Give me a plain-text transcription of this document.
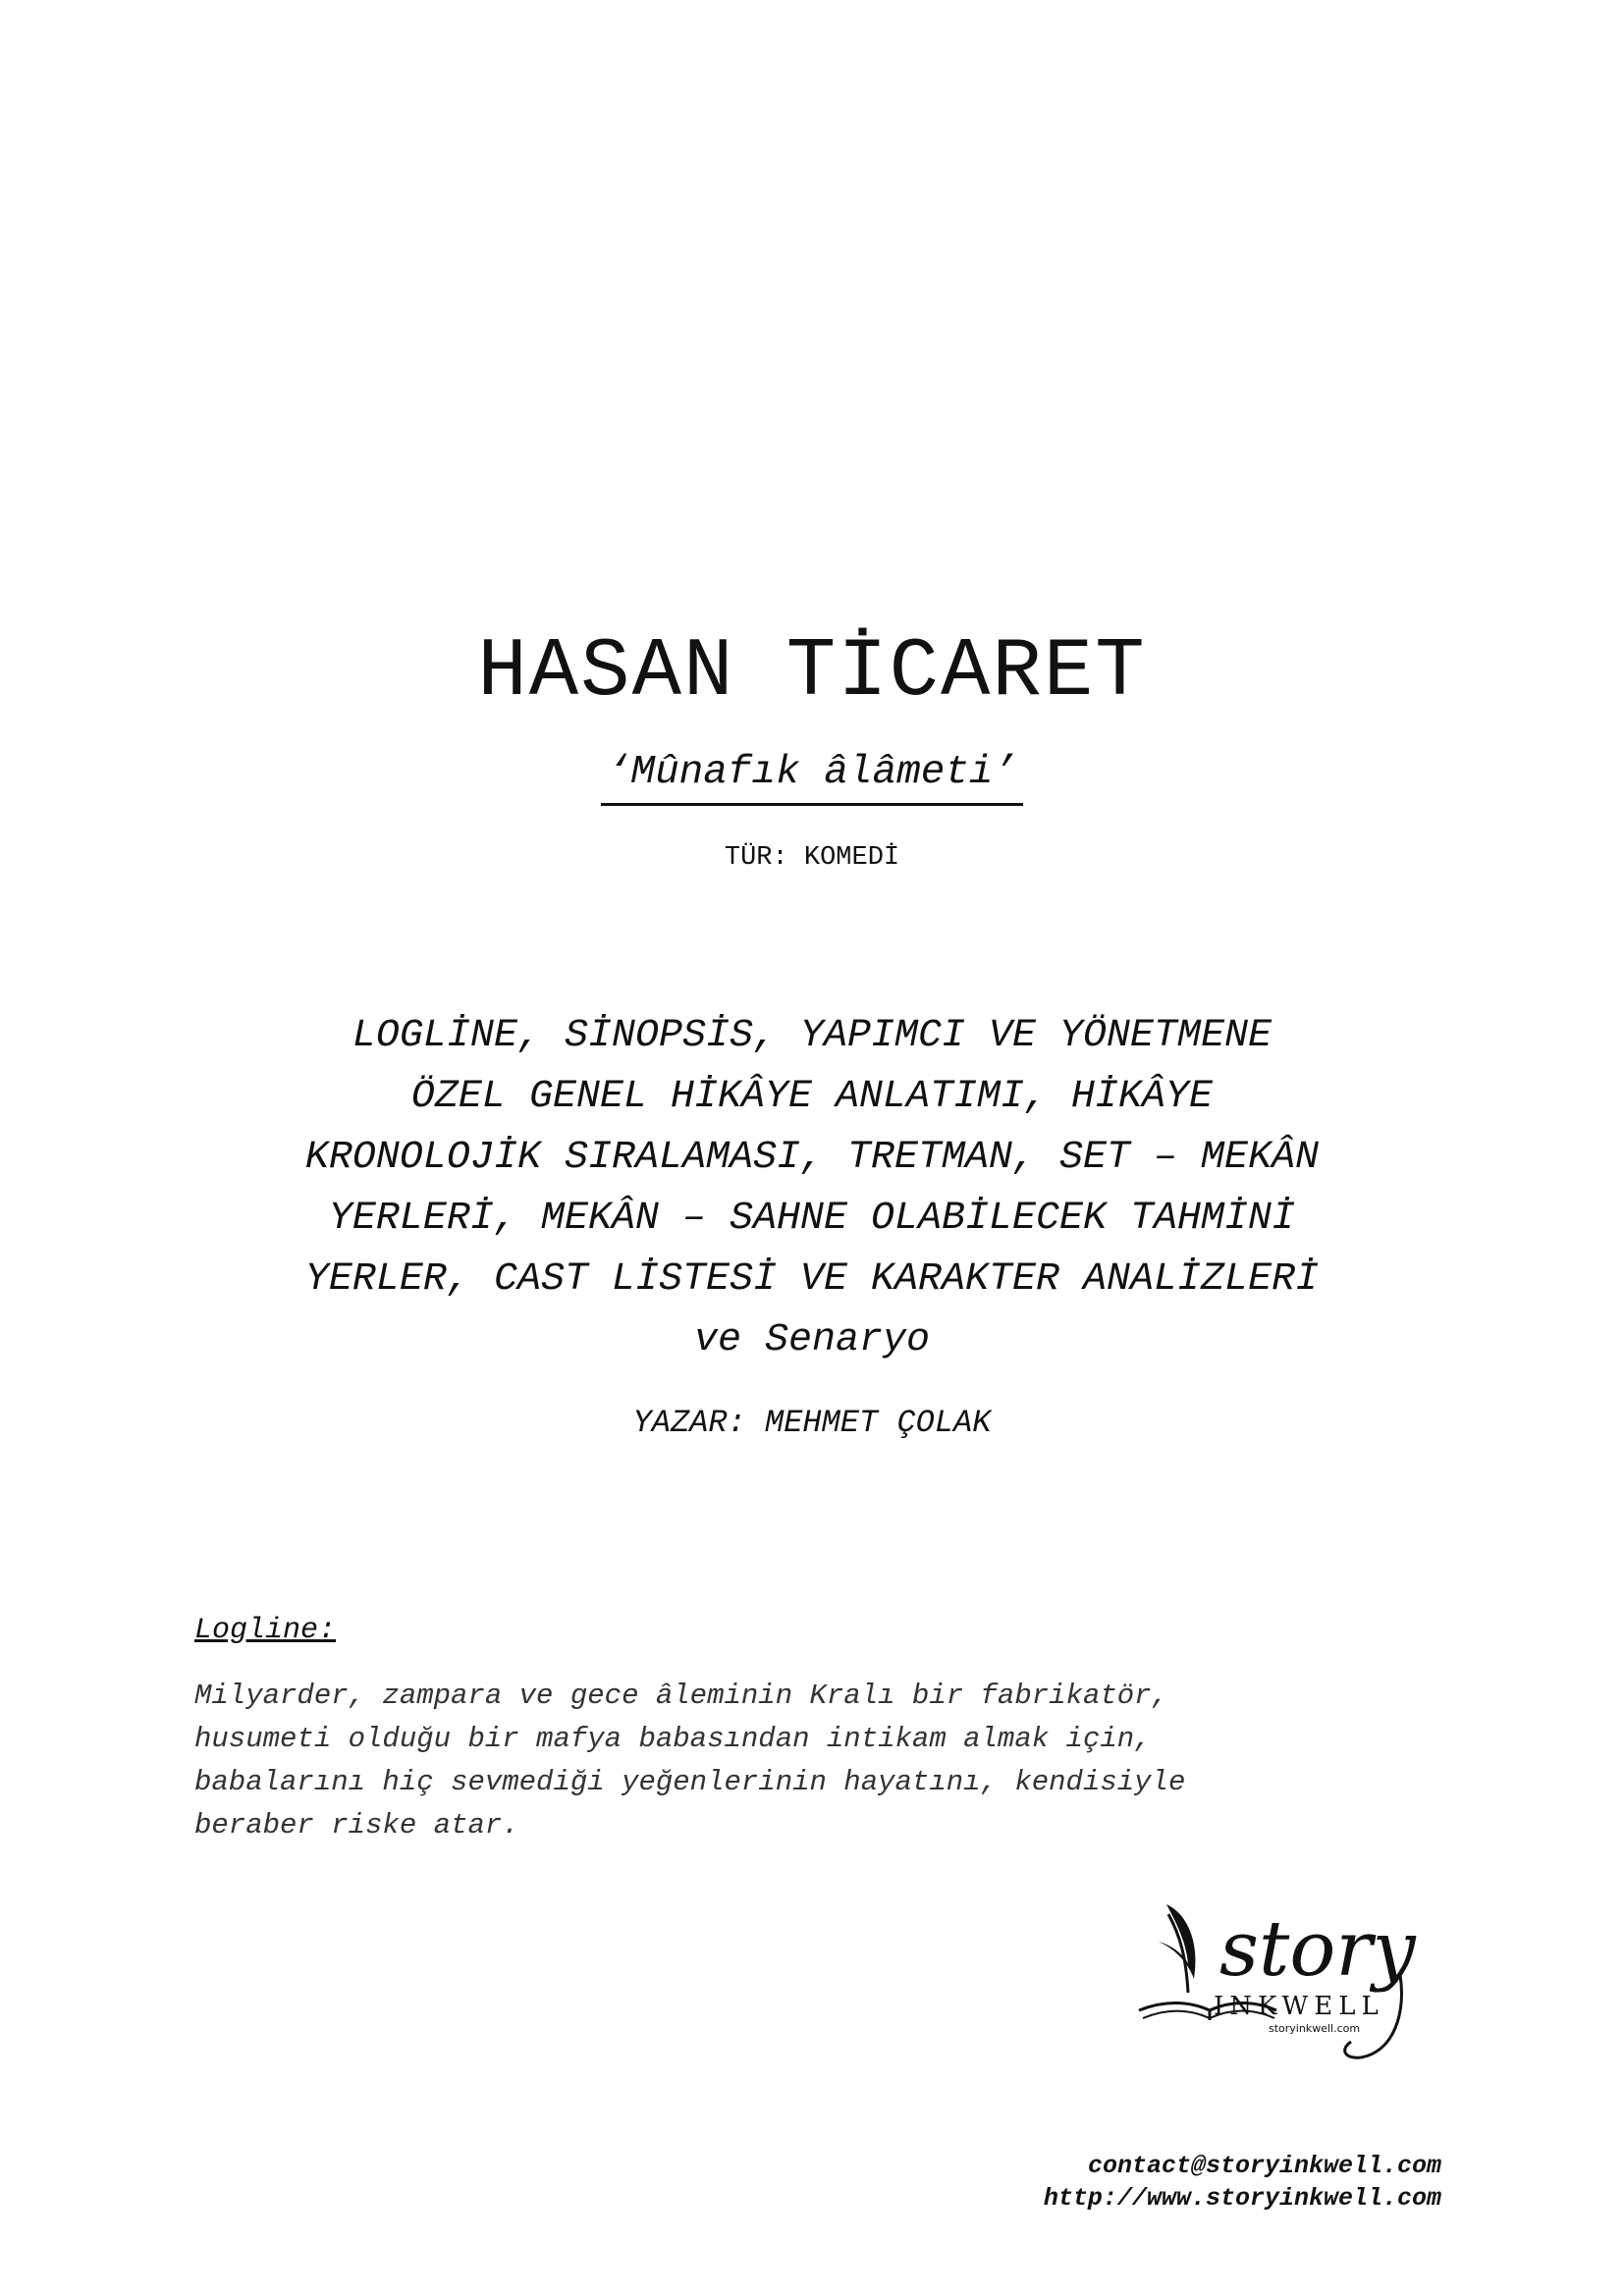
HASAN TİCARET
‘Mûnafık âlâmeti’
TÜR: KOMEDİ
LOGLİNE, SİNOPSİS, YAPIMCI VE YÖNETMENE
ÖZEL GENEL HİKÂYE ANLATIMI, HİKÂYE
KRONOLOJİK SIRALAMASI, TRETMAN, SET – MEKÂN
YERLERİ, MEKÂN – SAHNE OLABİLECEK TAHMİNİ
YERLER, CAST LİSTESİ VE KARAKTER ANALİZLERİ
ve Senaryo
YAZAR: MEHMET ÇOLAK
Logline:
Milyarder, zampara ve gece âleminin Kralı bir fabrikatör,
husumeti olduğu bir mafya babasından intikam almak için,
babalarını hiç sevmediği yeğenlerinin hayatını, kendisiyle
beraber riske atar.
story
INKWELL
storyinkwell.com
contact@storyinkwell.com
http://www.storyinkwell.com
